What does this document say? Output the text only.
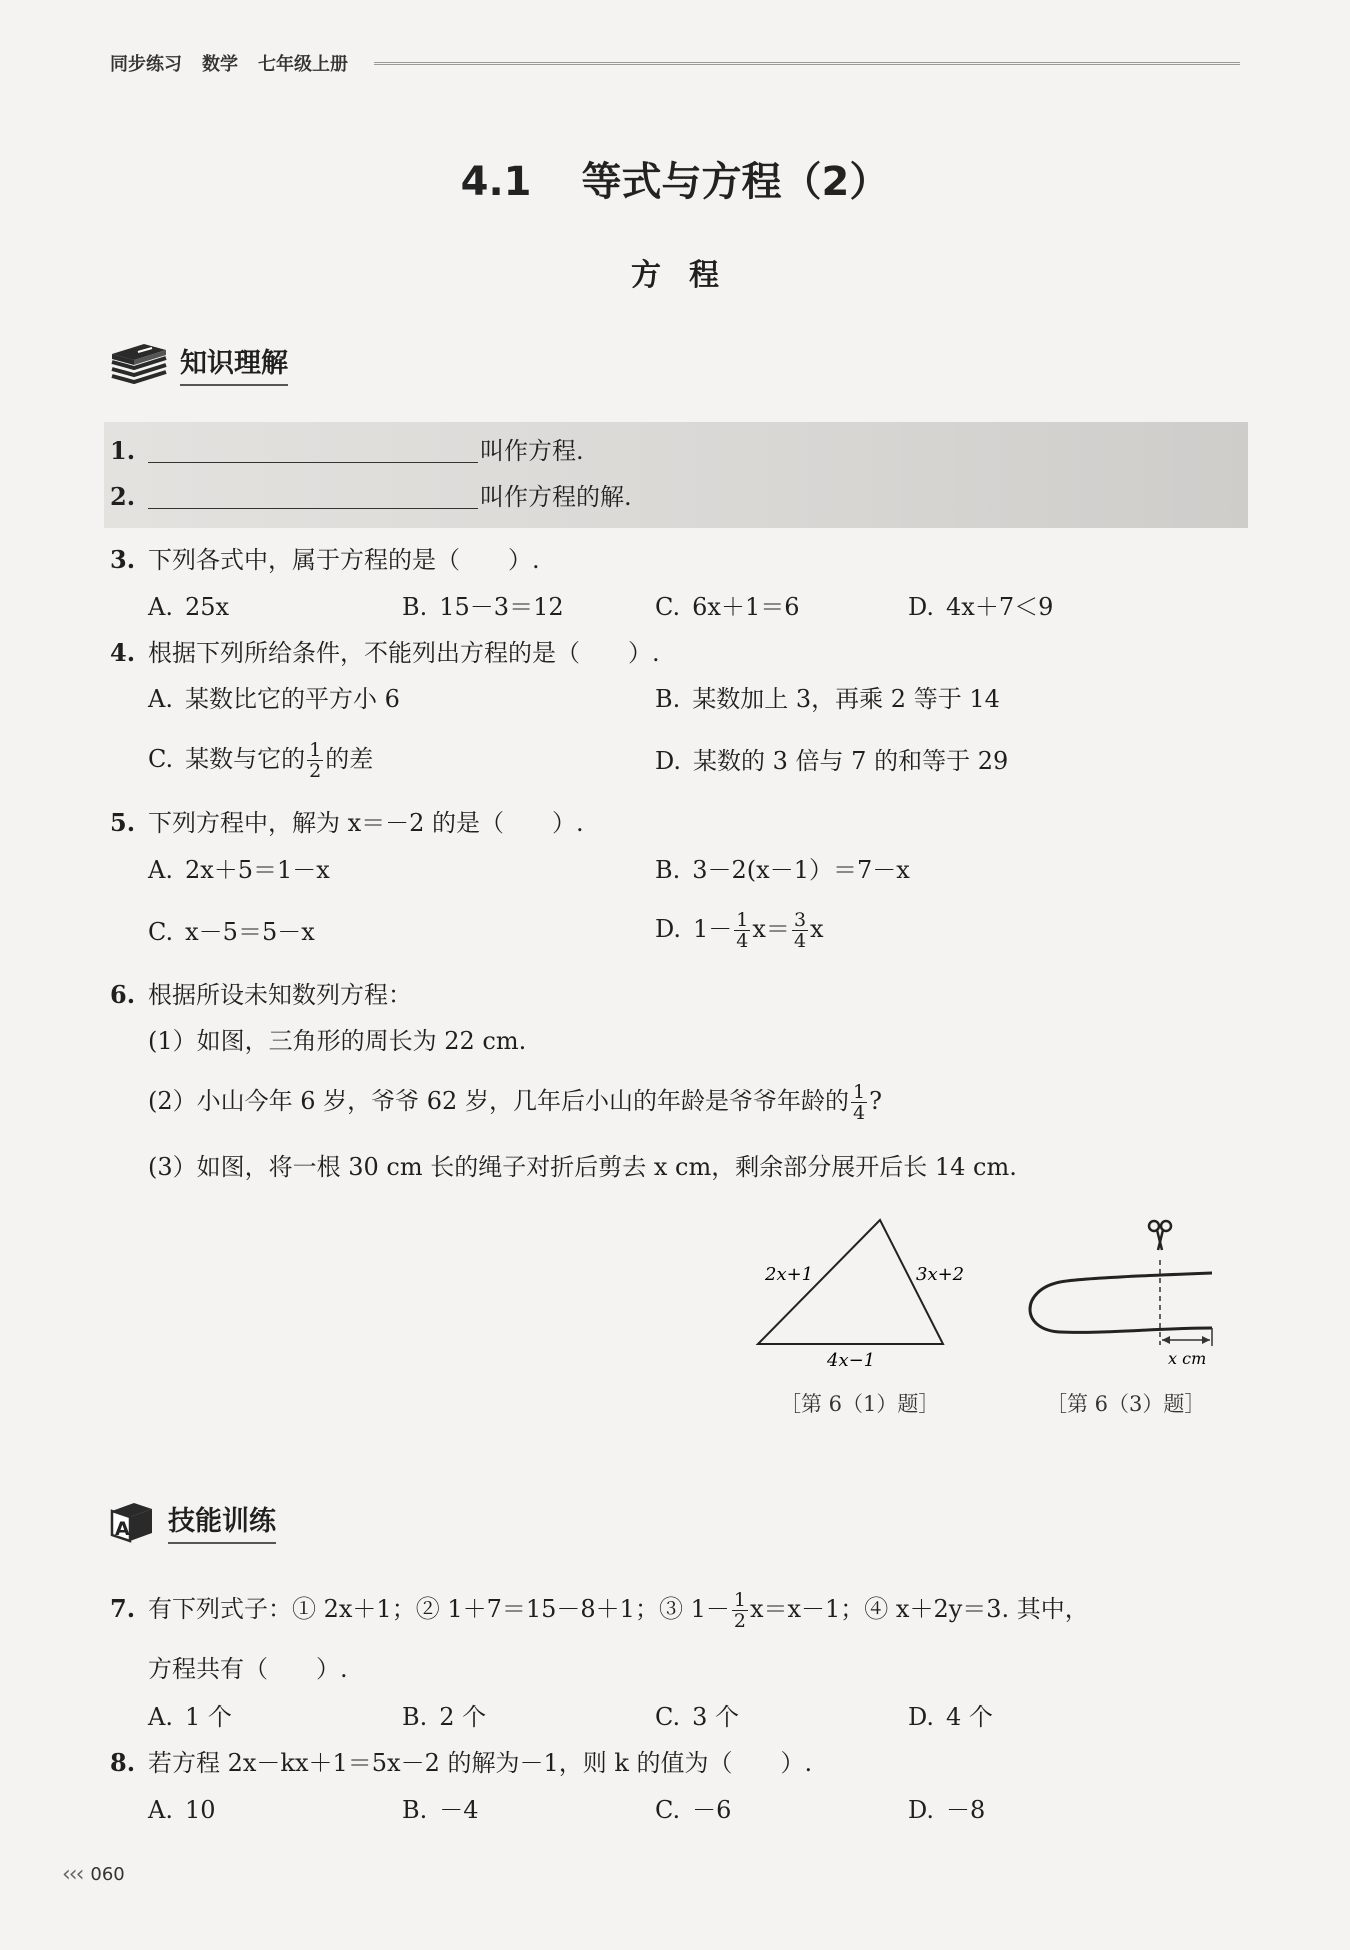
同步练习 数学 七年级上册
4.1 等式与方程（2）
方程
知识理解
1.	叫作方程.
2.	叫作方程的解.
3. 下列各式中，属于方程的是（　　）.
A. 25x	B. 15－3＝12	C. 6x＋1＝6	D. 4x＋7＜9
4. 根据下列所给条件，不能列出方程的是（　　）.
A. 某数比它的平方小 6	B. 某数加上 3，再乘 2 等于 14
C. 某数与它的 $\frac{1}{2}$ 的差	D. 某数的 3 倍与 7 的和等于 29
5. 下列方程中，解为 x＝－2 的是（　　）.
A. 2x＋5＝1－x	B. 3－2(x－1）＝7－x
C. x－5＝5－x	D. $1- \frac{1}{4} x= \frac{3}{4}$ x
6. 根据所设未知数列方程：
(1）如图，三角形的周长为 22 cm.
(2）小山今年 6 岁，爷爷 62 岁，几年后小山的年龄是爷爷年龄的 $\frac{1}{4}$ ?
(3）如图，将一根 30 cm 长的绳子对折后剪去 x cm，剩余部分展开后长 14 cm.
2x+1	3x+2
4x−1	x cm
［第 6（1）题］	［第 6（3）题］
A 技能训练
7. 有下列式子：① 2x＋1；② 1＋7＝15－8＋1；③ $1- \frac{1}{2} x=x-1$；④ x＋2y＝3. 其中，
方程共有（　　）.
A. 1 个	B. 2 个	C. 3 个	D. 4 个
8. 若方程 2x－kx＋1＝5x－2 的解为－1，则 k 的值为（　　）.
A. 10	B. －4	C. －6	D. －8
‹‹‹ 060
